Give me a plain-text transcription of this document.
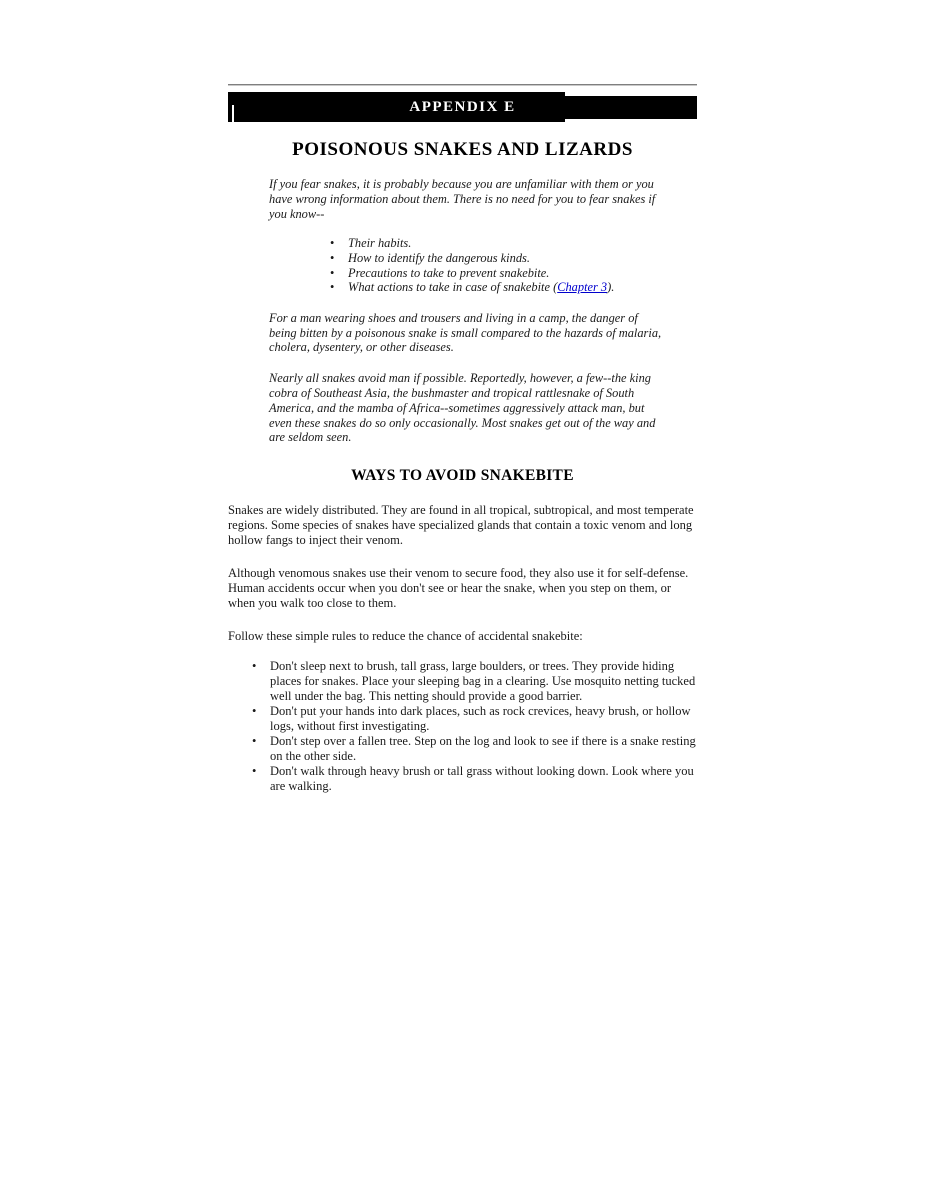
APPENDIX E
POISONOUS SNAKES AND LIZARDS

If you fear snakes, it is probably because you are unfamiliar with them or you have wrong information about them. There is no need for you to fear snakes if you know--

• Their habits.
• How to identify the dangerous kinds.
• Precautions to take to prevent snakebite.
• What actions to take in case of snakebite (Chapter 3).

For a man wearing shoes and trousers and living in a camp, the danger of being bitten by a poisonous snake is small compared to the hazards of malaria, cholera, dysentery, or other diseases.

Nearly all snakes avoid man if possible. Reportedly, however, a few--the king cobra of Southeast Asia, the bushmaster and tropical rattlesnake of South America, and the mamba of Africa--sometimes aggressively attack man, but even these snakes do so only occasionally. Most snakes get out of the way and are seldom seen.

WAYS TO AVOID SNAKEBITE

Snakes are widely distributed. They are found in all tropical, subtropical, and most temperate regions. Some species of snakes have specialized glands that contain a toxic venom and long hollow fangs to inject their venom.

Although venomous snakes use their venom to secure food, they also use it for self-defense. Human accidents occur when you don't see or hear the snake, when you step on them, or when you walk too close to them.

Follow these simple rules to reduce the chance of accidental snakebite:

• Don't sleep next to brush, tall grass, large boulders, or trees. They provide hiding places for snakes. Place your sleeping bag in a clearing. Use mosquito netting tucked well under the bag. This netting should provide a good barrier.
• Don't put your hands into dark places, such as rock crevices, heavy brush, or hollow logs, without first investigating.
• Don't step over a fallen tree. Step on the log and look to see if there is a snake resting on the other side.
• Don't walk through heavy brush or tall grass without looking down. Look where you are walking.
